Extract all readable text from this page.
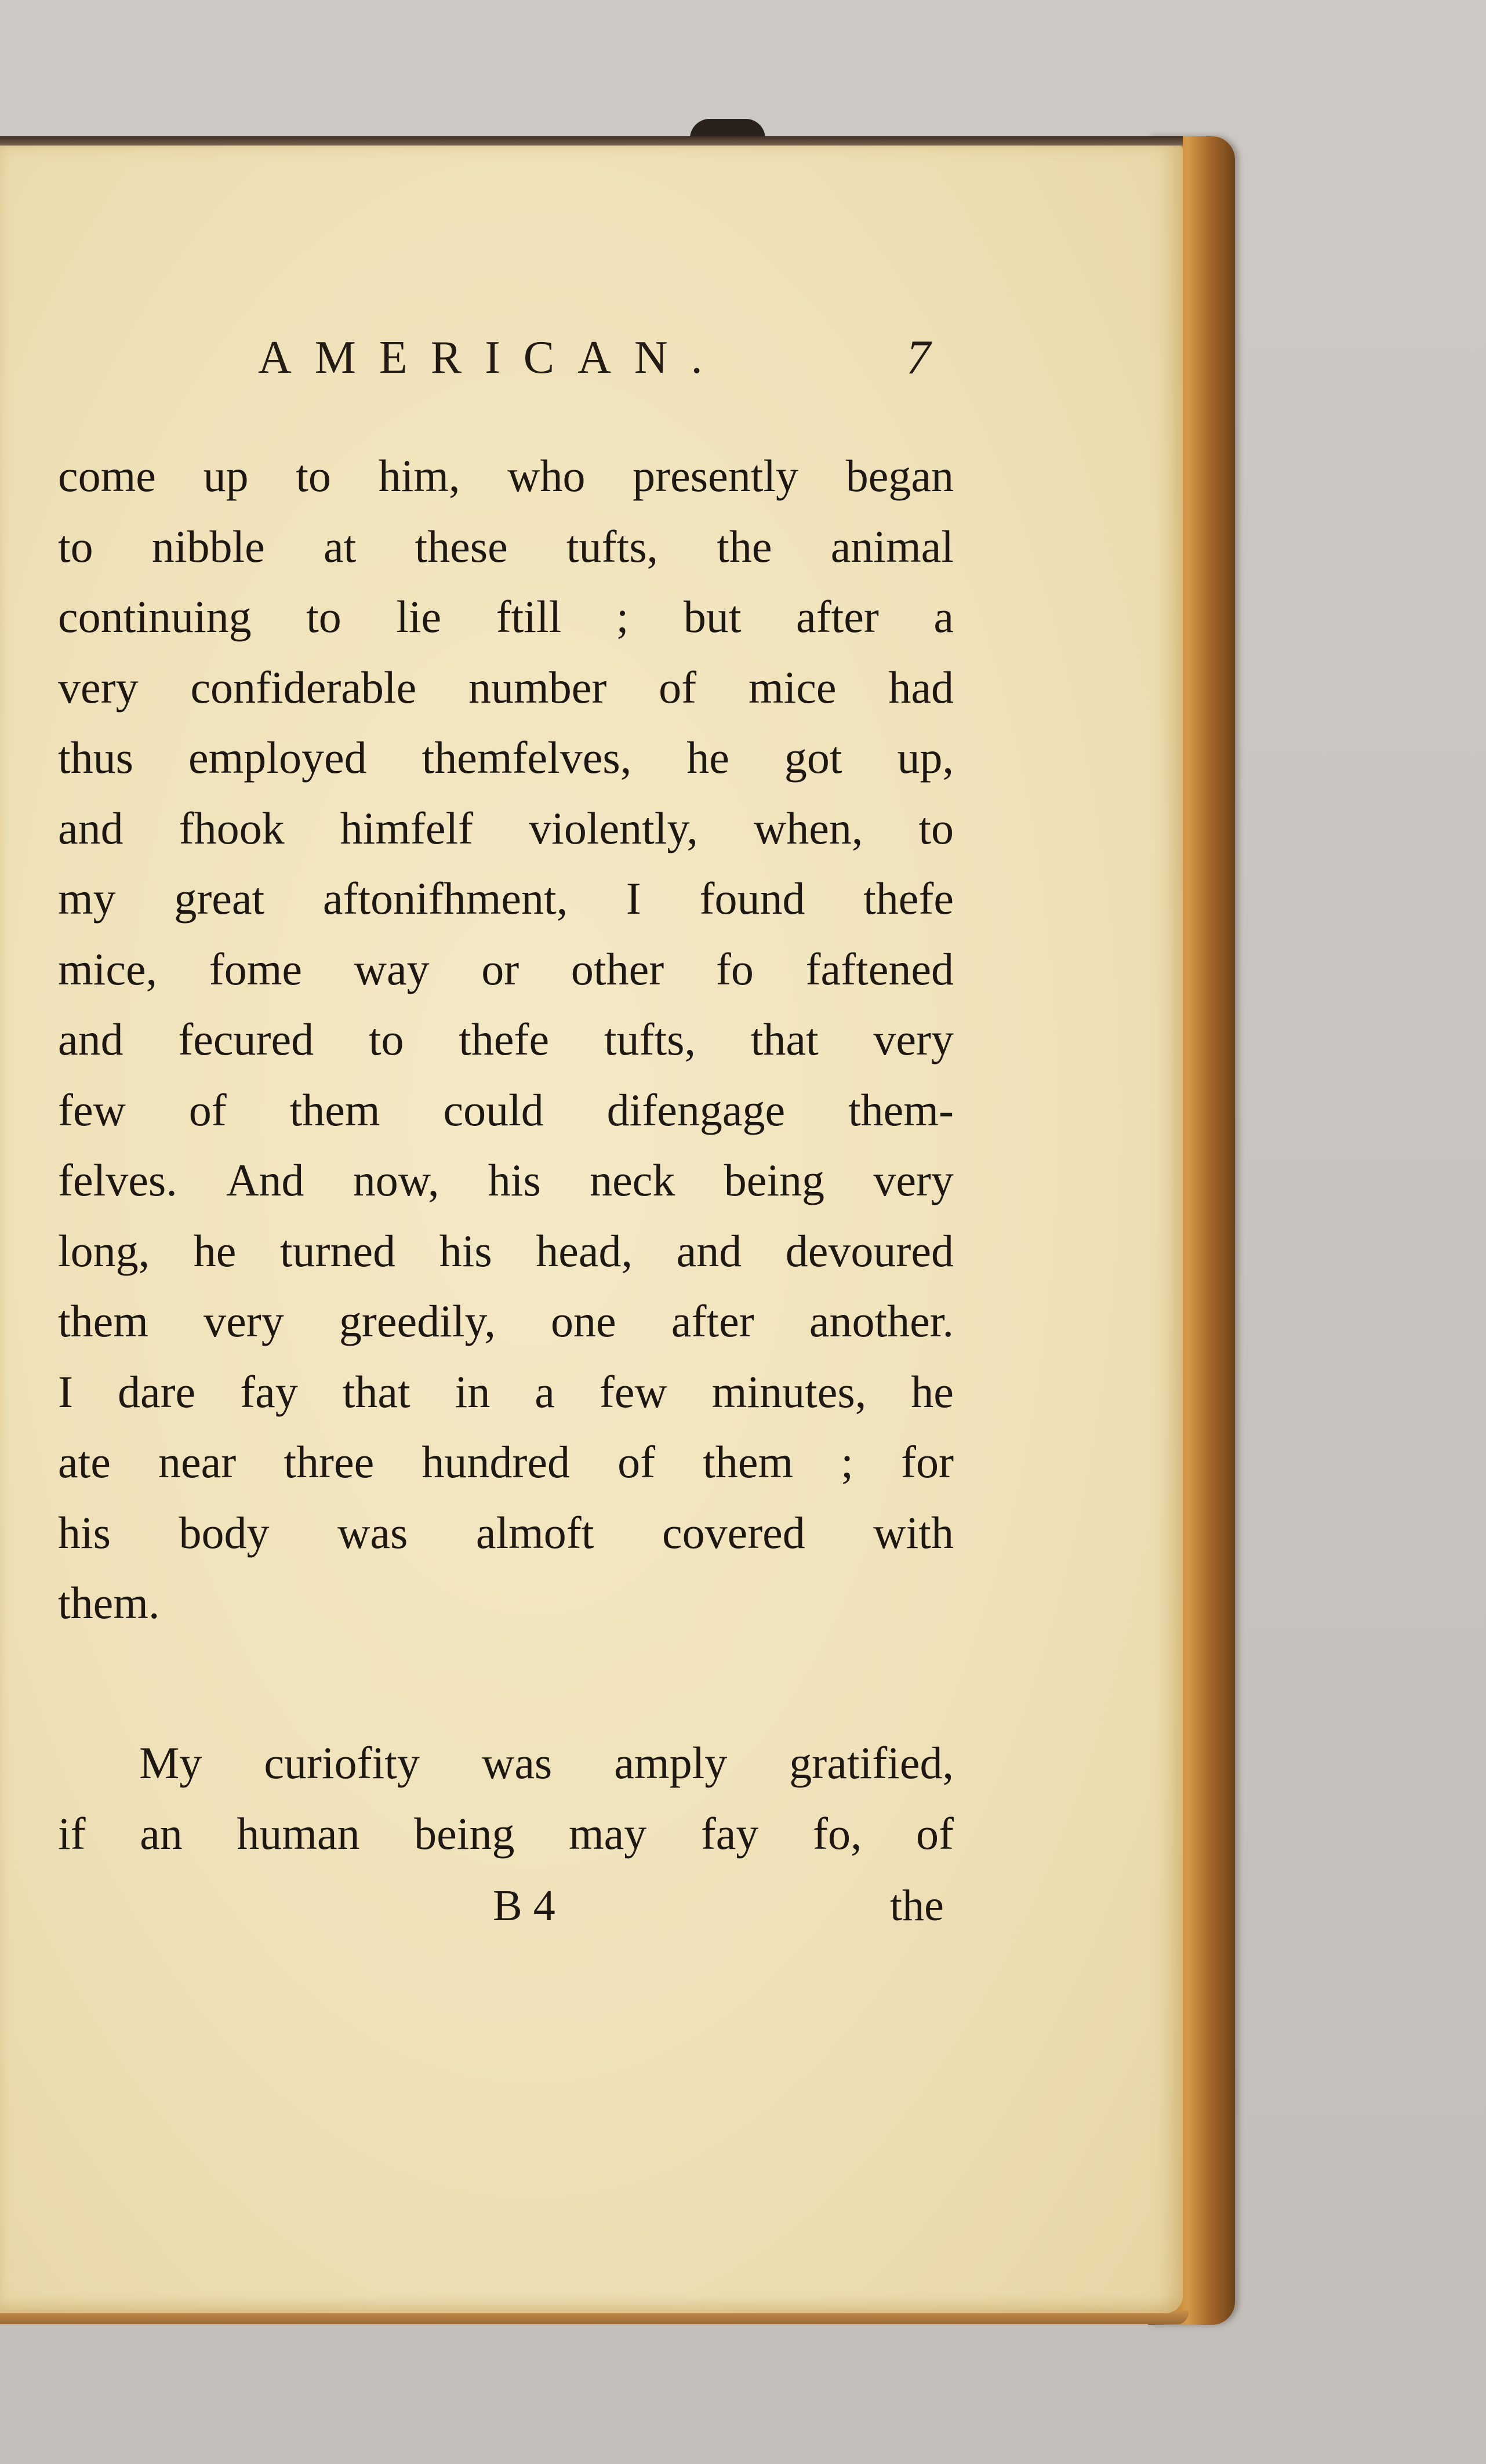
AMERICAN.	7
come up to him, who presently began
to nibble at these tufts, the animal
continuing to lie ftill ; but after a
very confiderable number of mice had
thus employed themfelves, he got up,
and fhook himfelf violently, when, to
my great aftonifhment, I found thefe
mice, fome way or other fo faftened
and fecured to thefe tufts, that very
few of them could difengage them-
felves. And now, his neck being very
long, he turned his head, and devoured
them very greedily, one after another.
I dare fay that in a few minutes, he
ate near three hundred of them ; for
his body was almoft covered with
them.
My curiofity was amply gratified,
if an human being may fay fo, of
B 4	the
